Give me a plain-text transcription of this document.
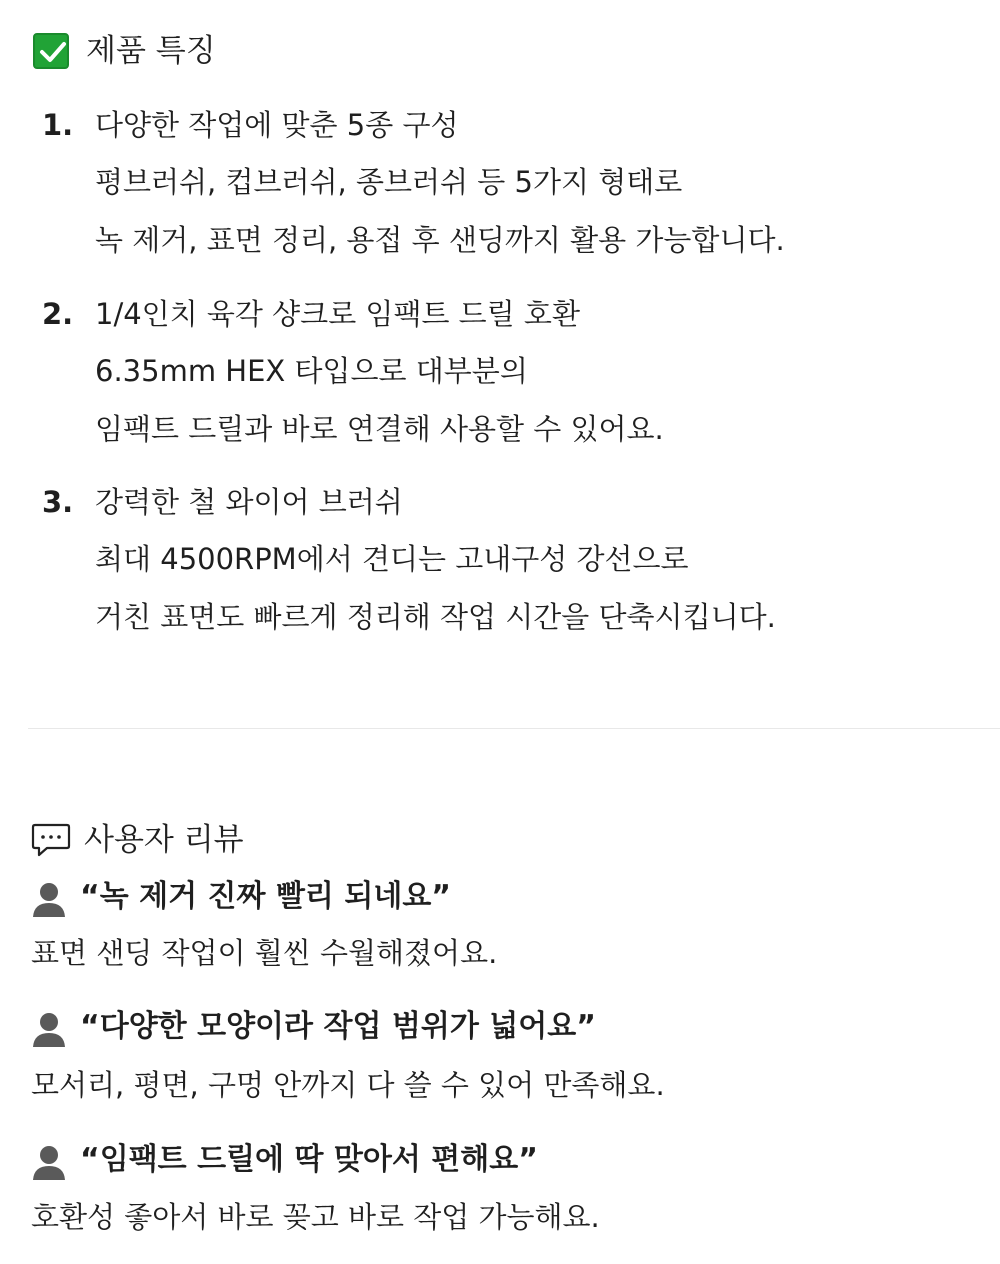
제품 특징
1. 다양한 작업에 맞춘 5종 구성
평브러쉬, 컵브러쉬, 종브러쉬 등 5가지 형태로
녹 제거, 표면 정리, 용접 후 샌딩까지 활용 가능합니다.
2. 1/4인치 육각 샹크로 임팩트 드릴 호환
6.35mm HEX 타입으로 대부분의
임팩트 드릴과 바로 연결해 사용할 수 있어요.
3. 강력한 철 와이어 브러쉬
최대 4500RPM에서 견디는 고내구성 강선으로
거친 표면도 빠르게 정리해 작업 시간을 단축시킵니다.
사용자 리뷰
“녹 제거 진짜 빨리 되네요”
표면 샌딩 작업이 훨씬 수월해졌어요.
“다양한 모양이라 작업 범위가 넓어요”
모서리, 평면, 구멍 안까지 다 쓸 수 있어 만족해요.
“임팩트 드릴에 딱 맞아서 편해요”
호환성 좋아서 바로 꽂고 바로 작업 가능해요.
